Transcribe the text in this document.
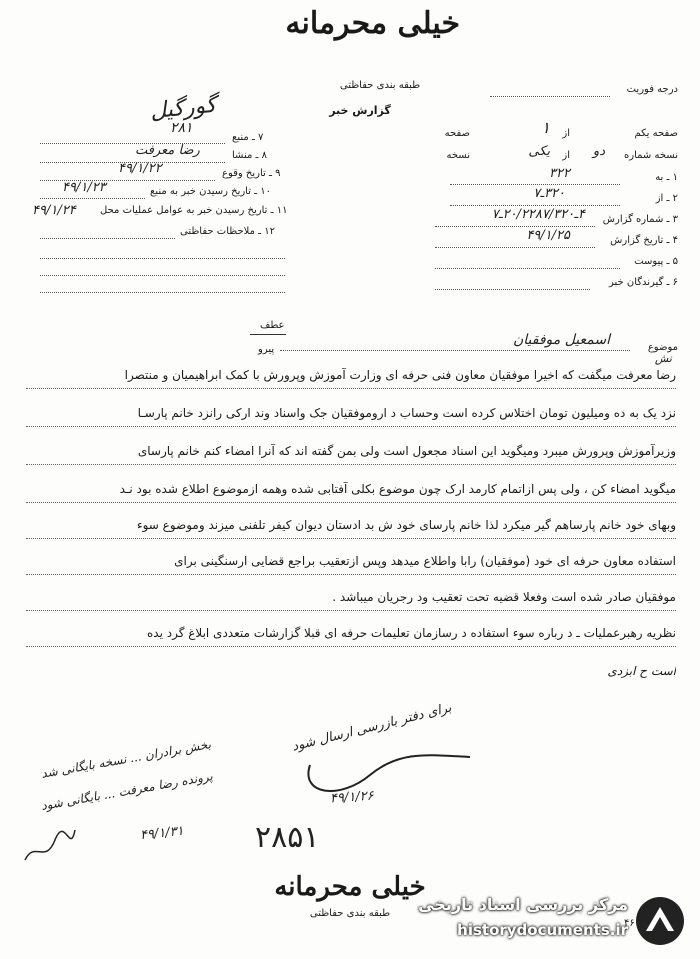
خیلی محرمانه
طبقه بندی حفاظتی
گزارش خبر
درجه فوریت
صفحه یکم
از
۱
صفحه
نسخه شماره
دو
از
یکی
نسخه
۱ ـ به
۳۲۲
۲ ـ از
۳۲۰ـ۷
۳ ـ شماره گزارش
۴ـ۲۰/۲۲۸۷/۳۲۰ـ۷
۴ ـ تاریخ گزارش
۴۹/۱/۲۵
۵ ـ پیوست
۶ ـ گیرندگان خبر
گورگیل
۷ ـ منبع
۲۸۱
۸ ـ منشا
رضا معرفت
۹ ـ تاریخ وقوع
۴۹/۱/۲۲
۱۰ ـ تاریخ رسیدن خبر به منبع
۴۹/۱/۲۳
۱۱ ـ تاریخ رسیدن خبر به عوامل عملیات محل
۴۹/۱/۲۴
۱۲ ـ ملاحظات حفاظتی
عطف
پیرو	موضوع
اسمعیل موفقیان
نش
رضا معرفت میگفت که اخیرا موفقیان معاون فنی حرفه ای وزارت آموزش وپرورش با کمک ابراهیمیان و منتصرا
نزد یک به ده ومیلیون تومان اختلاس کرده است وحساب د اروموفقیان جک واسناد وند ارکی رانزد خانم پارسـا
وزیرآموزش وپرورش میبرد ومیگوید این اسناد مجعول است ولی بمن گفته اند که آنرا امضاء کنم خانم پارسای
میگوید امضاء کن ، ولی پس ازاتمام کارمد ارک چون موضوع بکلی آفتابی شده وهمه ازموضوع اطلاع شده بود نـد
وبهای خود خانم پارساهم گیر میکرد لذا خانم پارسای خود ش بد ادستان دیوان کیفر تلفنی میزند وموضوع سوء
استفاده معاون حرفه ای خود (موفقیان) رابا واطلاع میدهد وپس ازتعقیب براجع قضایی ارسنگینی برای
موفقیان صادر شده است وفعلا قضیه تحت تعقیب ود رجریان میباشد .
نظریه رهبرعملیات ـ د رباره سوء استفاده د رسازمان تعلیمات حرفه ای قبلا گزارشات متعددی ابلاغ گرد یده
است ح ابزدی
برای دفتر بازرسی ارسال شود
۴۹/۱/۲۶
بخش برادران ... نسخه بایگانی شد
پرونده رضا معرفت ... بایگانی شود
۴۹/۱/۳۱ ۲۸۵۱
خیلی محرمانه
طبقه بندی حفاظتی	مرکز بررسی اسناد تاریخی
historydocuments.ir
۴۶
